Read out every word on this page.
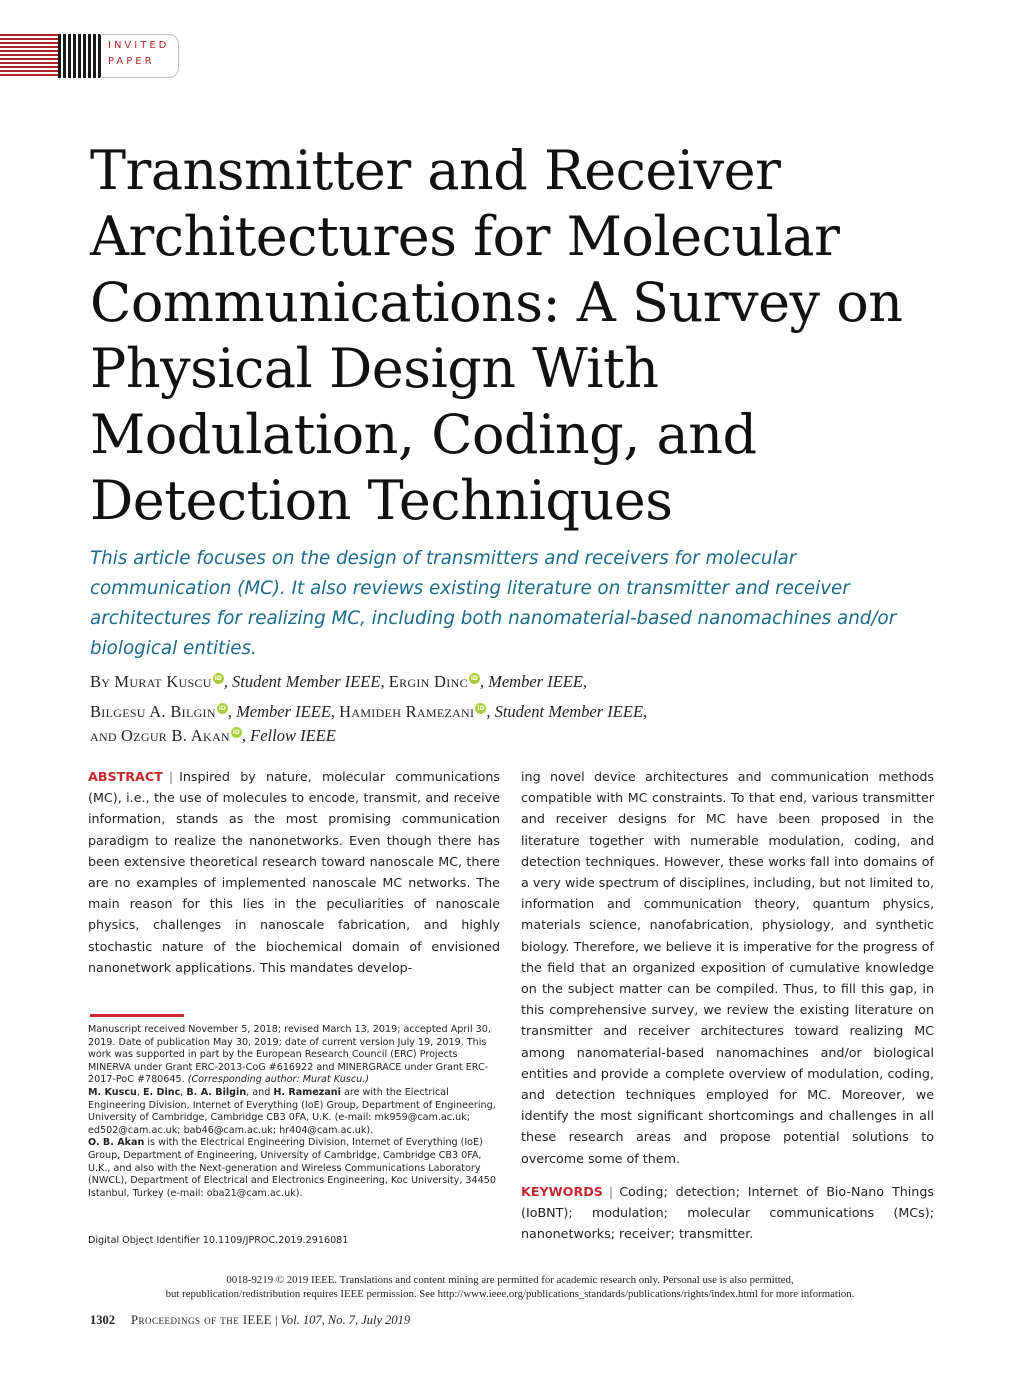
INVITED
PAPER
Transmitter and Receiver Architectures for Molecular Communications: A Survey on Physical Design With Modulation, Coding, and Detection Techniques

This article focuses on the design of transmitters and receivers for molecular communication (MC). It also reviews existing literature on transmitter and receiver architectures for realizing MC, including both nanomaterial-based nanomachines and/or biological entities.

By Murat Kuscu iD , Student Member IEEE, Ergin Dinc iD , Member IEEE,
Bilgesu A. Bilgin iD , Member IEEE, Hamideh Ramezani iD , Student Member IEEE,
and Ozgur B. Akan iD , Fellow IEEE

ABSTRACT | Inspired by nature, molecular communications (MC), i.e., the use of molecules to encode, transmit, and receive information, stands as the most promising communication paradigm to realize the nanonetworks. Even though there has been extensive theoretical research toward nanoscale MC, there are no examples of implemented nanoscale MC networks. The main reason for this lies in the peculiarities of nanoscale physics, challenges in nanoscale fabrication, and highly stochastic nature of the biochemical domain of envisioned nanonetwork applications. This mandates develop-

ing novel device architectures and communication methods compatible with MC constraints. To that end, various transmitter and receiver designs for MC have been proposed in the literature together with numerable modulation, coding, and detection techniques. However, these works fall into domains of a very wide spectrum of disciplines, including, but not limited to, information and communication theory, quantum physics, materials science, nanofabrication, physiology, and synthetic biology. Therefore, we believe it is imperative for the progress of the field that an organized exposition of cumulative knowledge on the subject matter can be compiled. Thus, to fill this gap, in this comprehensive survey, we review the existing literature on transmitter and receiver architectures toward realizing MC among nanomaterial-based nanomachines and/or biological entities and provide a complete overview of modulation, coding, and detection techniques employed for MC. Moreover, we identify the most significant shortcomings and challenges in all these research areas and propose potential solutions to overcome some of them.

KEYWORDS | Coding; detection; Internet of Bio-Nano Things (IoBNT); modulation; molecular communications (MCs); nanonetworks; receiver; transmitter.

Manuscript received November 5, 2018; revised March 13, 2019; accepted April 30, 2019. Date of publication May 30, 2019; date of current version July 19, 2019. This work was supported in part by the European Research Council (ERC) Projects MINERVA under Grant ERC-2013-CoG #616922 and MINERGRACE under Grant ERC-2017-PoC #780645. (Corresponding author: Murat Kuscu.)

M. Kuscu, E. Dinc, B. A. Bilgin, and H. Ramezani are with the Electrical Engineering Division, Internet of Everything (IoE) Group, Department of Engineering, University of Cambridge, Cambridge CB3 0FA, U.K. (e-mail: mk959@cam.ac.uk; ed502@cam.ac.uk; bab46@cam.ac.uk; hr404@cam.ac.uk).

O. B. Akan is with the Electrical Engineering Division, Internet of Everything (IoE) Group, Department of Engineering, University of Cambridge, Cambridge CB3 0FA, U.K., and also with the Next-generation and Wireless Communications Laboratory (NWCL), Department of Electrical and Electronics Engineering, Koc University, 34450 Istanbul, Turkey (e-mail: oba21@cam.ac.uk).

Digital Object Identifier 10.1109/JPROC.2019.2916081
0018-9219 © 2019 IEEE. Translations and content mining are permitted for academic research only. Personal use is also permitted,
but republication/redistribution requires IEEE permission. See http://www.ieee.org/publications_standards/publications/rights/index.html for more information.
1302 Proceedings of the IEEE | Vol. 107, No. 7, July 2019
